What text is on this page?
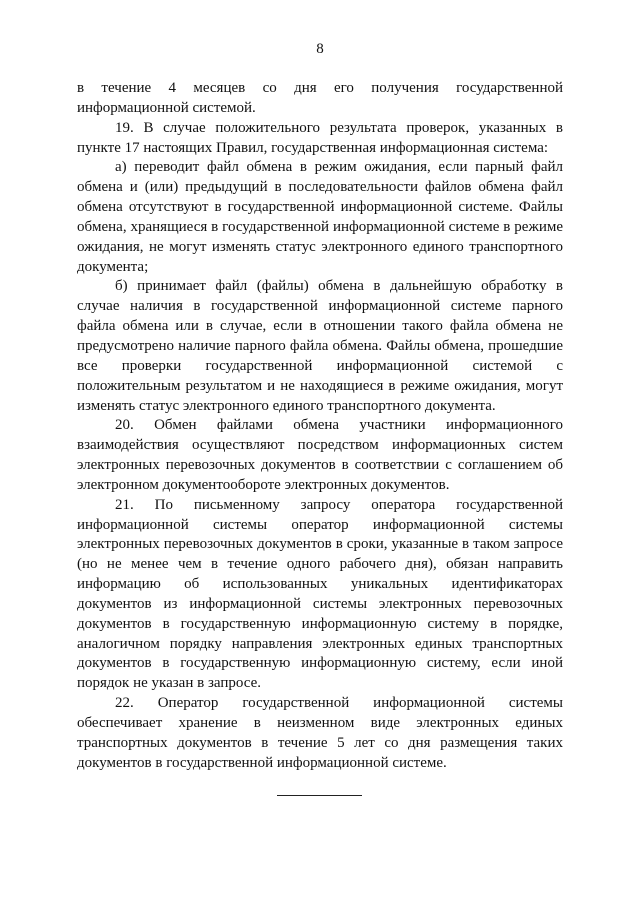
8

в течение 4 месяцев со дня его получения государственной информационной системой.

19. В случае положительного результата проверок, указанных в пункте 17 настоящих Правил, государственная информационная система:

а) переводит файл обмена в режим ожидания, если парный файл обмена и (или) предыдущий в последовательности файлов обмена файл обмена отсутствуют в государственной информационной системе. Файлы обмена, хранящиеся в государственной информационной системе в режиме ожидания, не могут изменять статус электронного единого транспортного документа;

б) принимает файл (файлы) обмена в дальнейшую обработку в случае наличия в государственной информационной системе парного файла обмена или в случае, если в отношении такого файла обмена не предусмотрено наличие парного файла обмена. Файлы обмена, прошедшие все проверки государственной информационной системой с положительным результатом и не находящиеся в режиме ожидания, могут изменять статус электронного единого транспортного документа.

20. Обмен файлами обмена участники информационного взаимодействия осуществляют посредством информационных систем электронных перевозочных документов в соответствии с соглашением об электронном документообороте электронных документов.

21. По письменному запросу оператора государственной информационной системы оператор информационной системы электронных перевозочных документов в сроки, указанные в таком запросе (но не менее чем в течение одного рабочего дня), обязан направить информацию об использованных уникальных идентификаторах документов из информационной системы электронных перевозочных документов в государственную информационную систему в порядке, аналогичном порядку направления электронных единых транспортных документов в государственную информационную систему, если иной порядок не указан в запросе.

22. Оператор государственной информационной системы обеспечивает хранение в неизменном виде электронных единых транспортных документов в течение 5 лет со дня размещения таких документов в государственной информационной системе.
